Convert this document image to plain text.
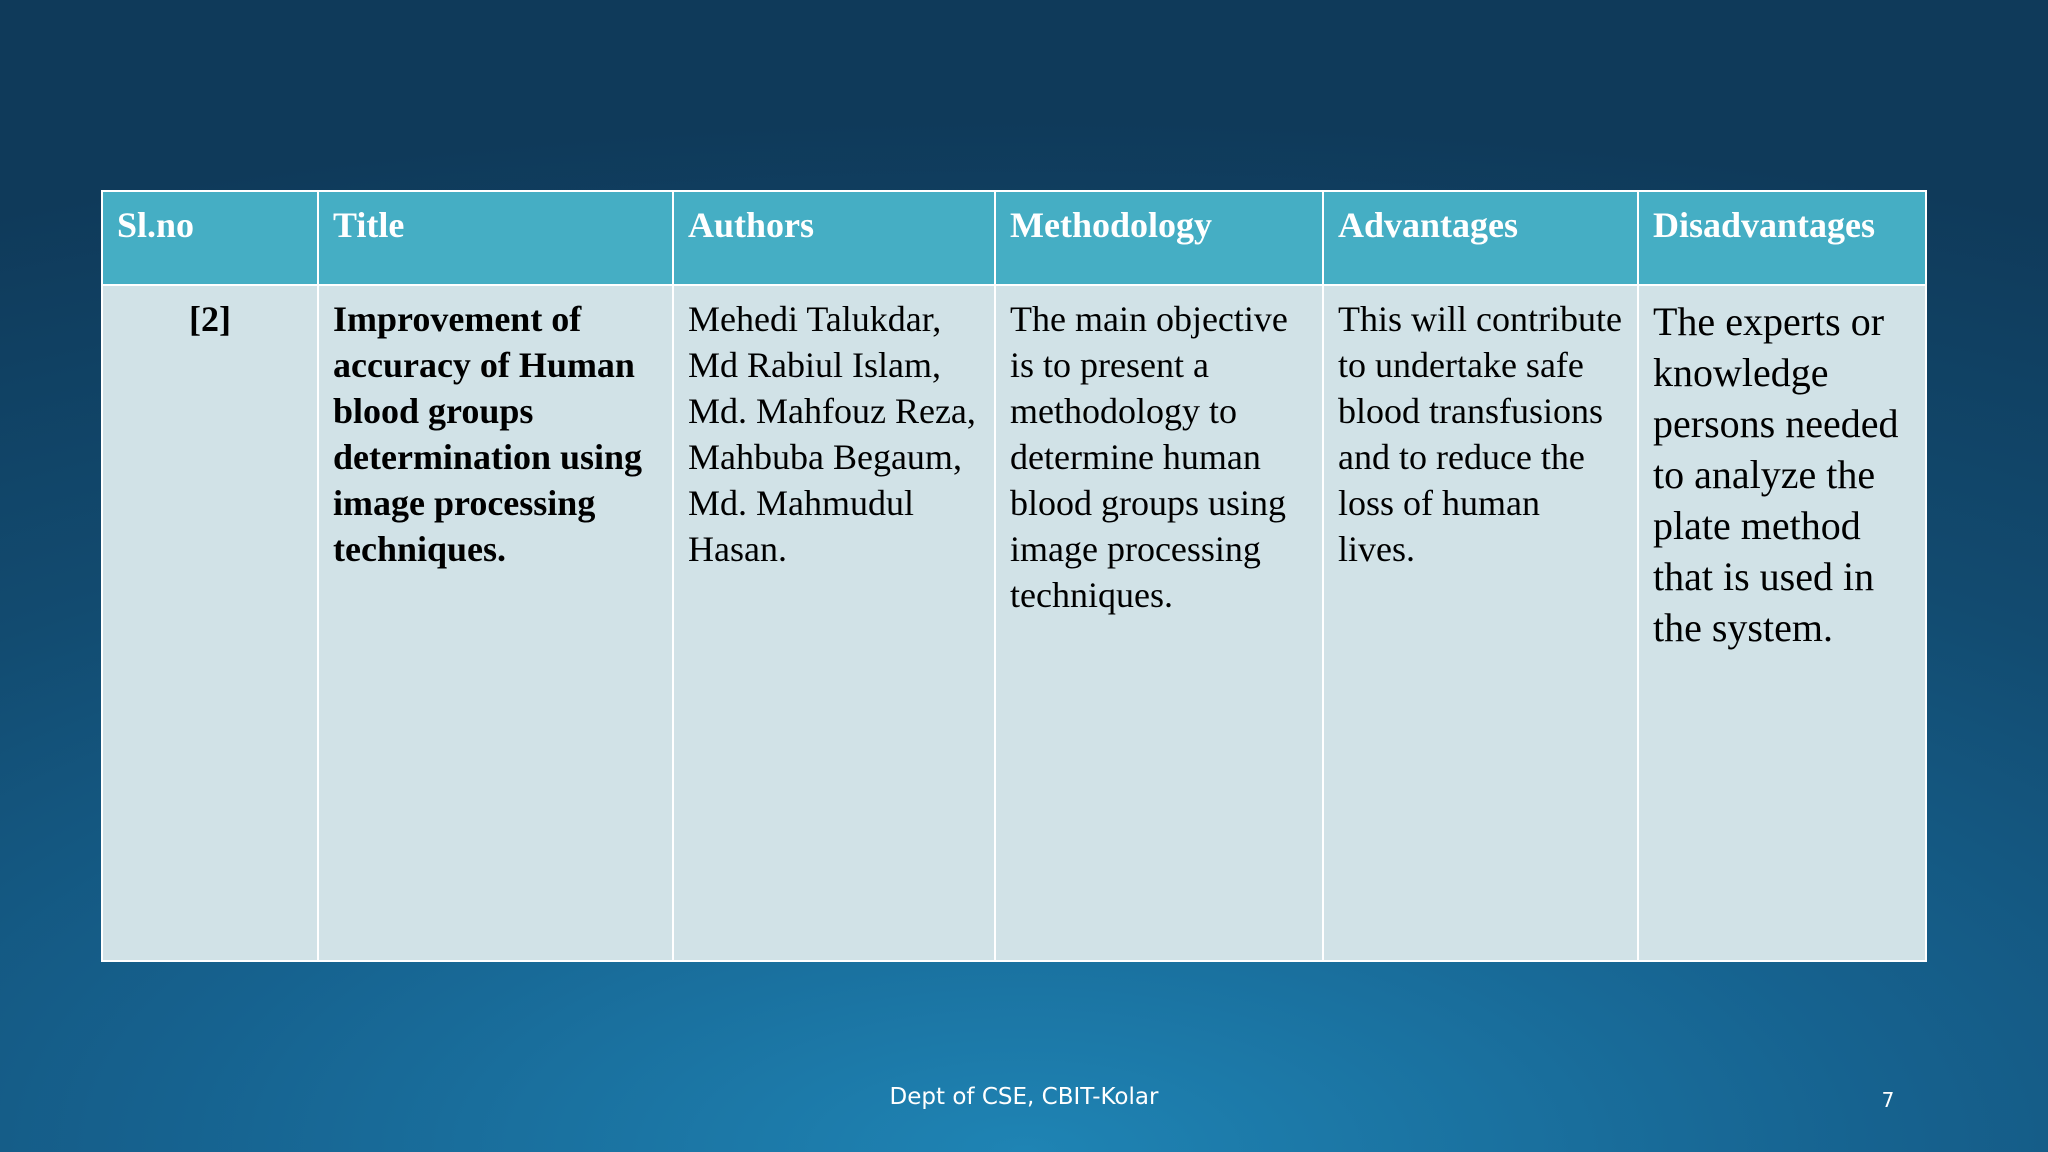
Sl.no	Title	Authors	Methodology	Advantages	Disadvantages
[2]	Improvement of accuracy of Human blood groups determination using image processing techniques.	Mehedi Talukdar, Md Rabiul Islam, Md. Mahfouz Reza, Mahbuba Begaum, Md. Mahmudul Hasan.	The main objective is to present a methodology to determine human blood groups using image processing techniques.	This will contribute to undertake safe blood transfusions and to reduce the loss of human lives.	The experts or knowledge persons needed to analyze the plate method that is used in the system.
Dept of CSE, CBIT-Kolar	7
